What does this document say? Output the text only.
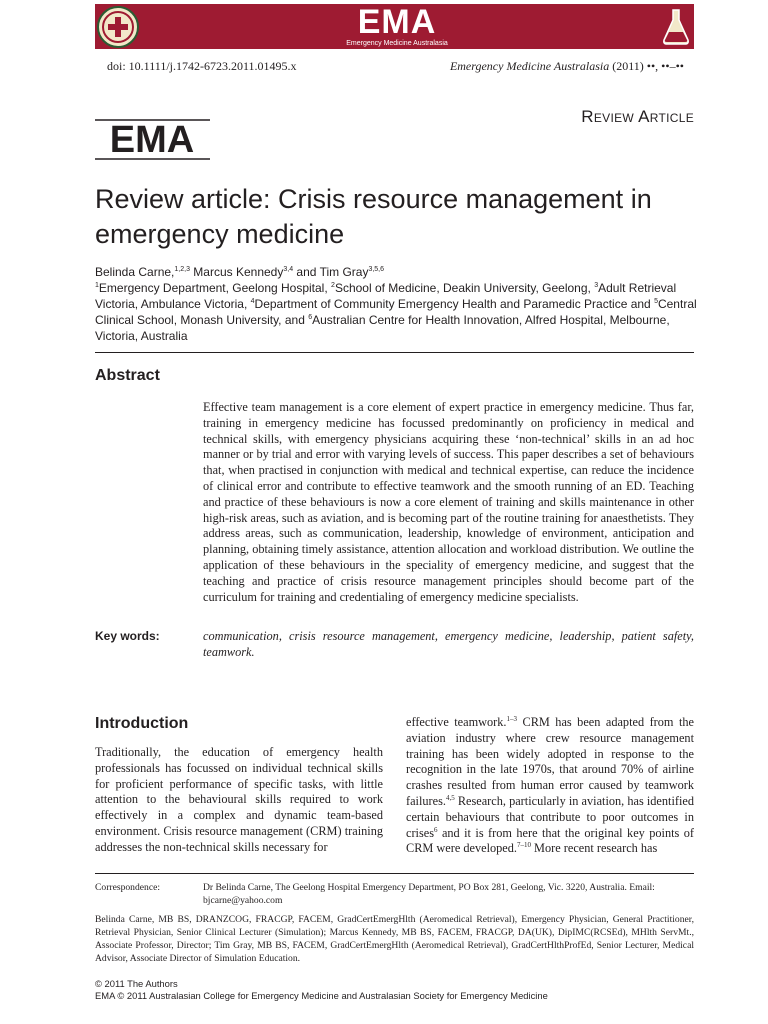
EMA
Emergency Medicine Australasia
doi: 10.1111/j.1742-6723.2011.01495.x	Emergency Medicine Australasia (2011) ••, ••–••
Review Article
EMA
Review article: Crisis resource management in emergency medicine
Belinda Carne,$^{1,2,3}$ Marcus Kennedy$^{3,4}$ and Tim Gray$^{3,5,6}$
$^1$Emergency Department, Geelong Hospital, $^2$School of Medicine, Deakin University, Geelong, $^3$Adult Retrieval Victoria, Ambulance Victoria, $^4$Department of Community Emergency Health and Paramedic Practice and $^5$Central Clinical School, Monash University, and $^6$Australian Centre for Health Innovation, Alfred Hospital, Melbourne, Victoria, Australia
Abstract

Effective team management is a core element of expert practice in emergency medicine. Thus far, training in emergency medicine has focussed predominantly on proficiency in medical and technical skills, with emergency physicians acquiring these ‘non-technical’ skills in an ad hoc manner or by trial and error with varying levels of success. This paper describes a set of behaviours that, when practised in conjunction with medical and technical expertise, can reduce the incidence of clinical error and contribute to effective teamwork and the smooth running of an ED. Teaching and practice of these behaviours is now a core element of training and skills maintenance in other high-risk areas, such as aviation, and is becoming part of the routine training for anaesthetists. They address areas, such as communication, leadership, knowledge of environment, anticipation and planning, obtaining timely assistance, attention allocation and workload distribution. We outline the application of these behaviours in the speciality of emergency medicine, and suggest that the teaching and practice of crisis resource management principles should become part of the curriculum for training and credentialing of emergency medicine specialists.

Key words:	communication, crisis resource management, emergency medicine, leadership, patient safety, teamwork.

Introduction

Traditionally, the education of emergency health professionals has focussed on individual technical skills for proficient performance of specific tasks, with little attention to the behavioural skills required to work effectively in a complex and dynamic team-based environment. Crisis resource management (CRM) training addresses the non-technical skills necessary for

effective teamwork.$^{1-3}$ CRM has been adapted from the aviation industry where crew resource management training has been widely adopted in response to the recognition in the late 1970s, that around 70% of airline crashes resulted from human error caused by teamwork failures.$^{4,5}$ Research, particularly in aviation, has identified certain behaviours that contribute to poor outcomes in crises$^6$ and it is from here that the original key points of CRM were developed.$^{7-10}$ More recent research has

Correspondence:	Dr Belinda Carne, The Geelong Hospital Emergency Department, PO Box 281, Geelong, Vic. 3220, Australia. Email: bjcarne@yahoo.com

Belinda Carne, MB BS, DRANZCOG, FRACGP, FACEM, GradCertEmergHlth (Aeromedical Retrieval), Emergency Physician, General Practitioner, Retrieval Physician, Senior Clinical Lecturer (Simulation); Marcus Kennedy, MB BS, FACEM, FRACGP, DA(UK), DipIMC(RCSEd), MHlth ServMt., Associate Professor, Director; Tim Gray, MB BS, FACEM, GradCertEmergHlth (Aeromedical Retrieval), GradCertHlthProfEd, Senior Lecturer, Medical Advisor, Associate Director of Simulation Education.

© 2011 The Authors
EMA © 2011 Australasian College for Emergency Medicine and Australasian Society for Emergency Medicine
